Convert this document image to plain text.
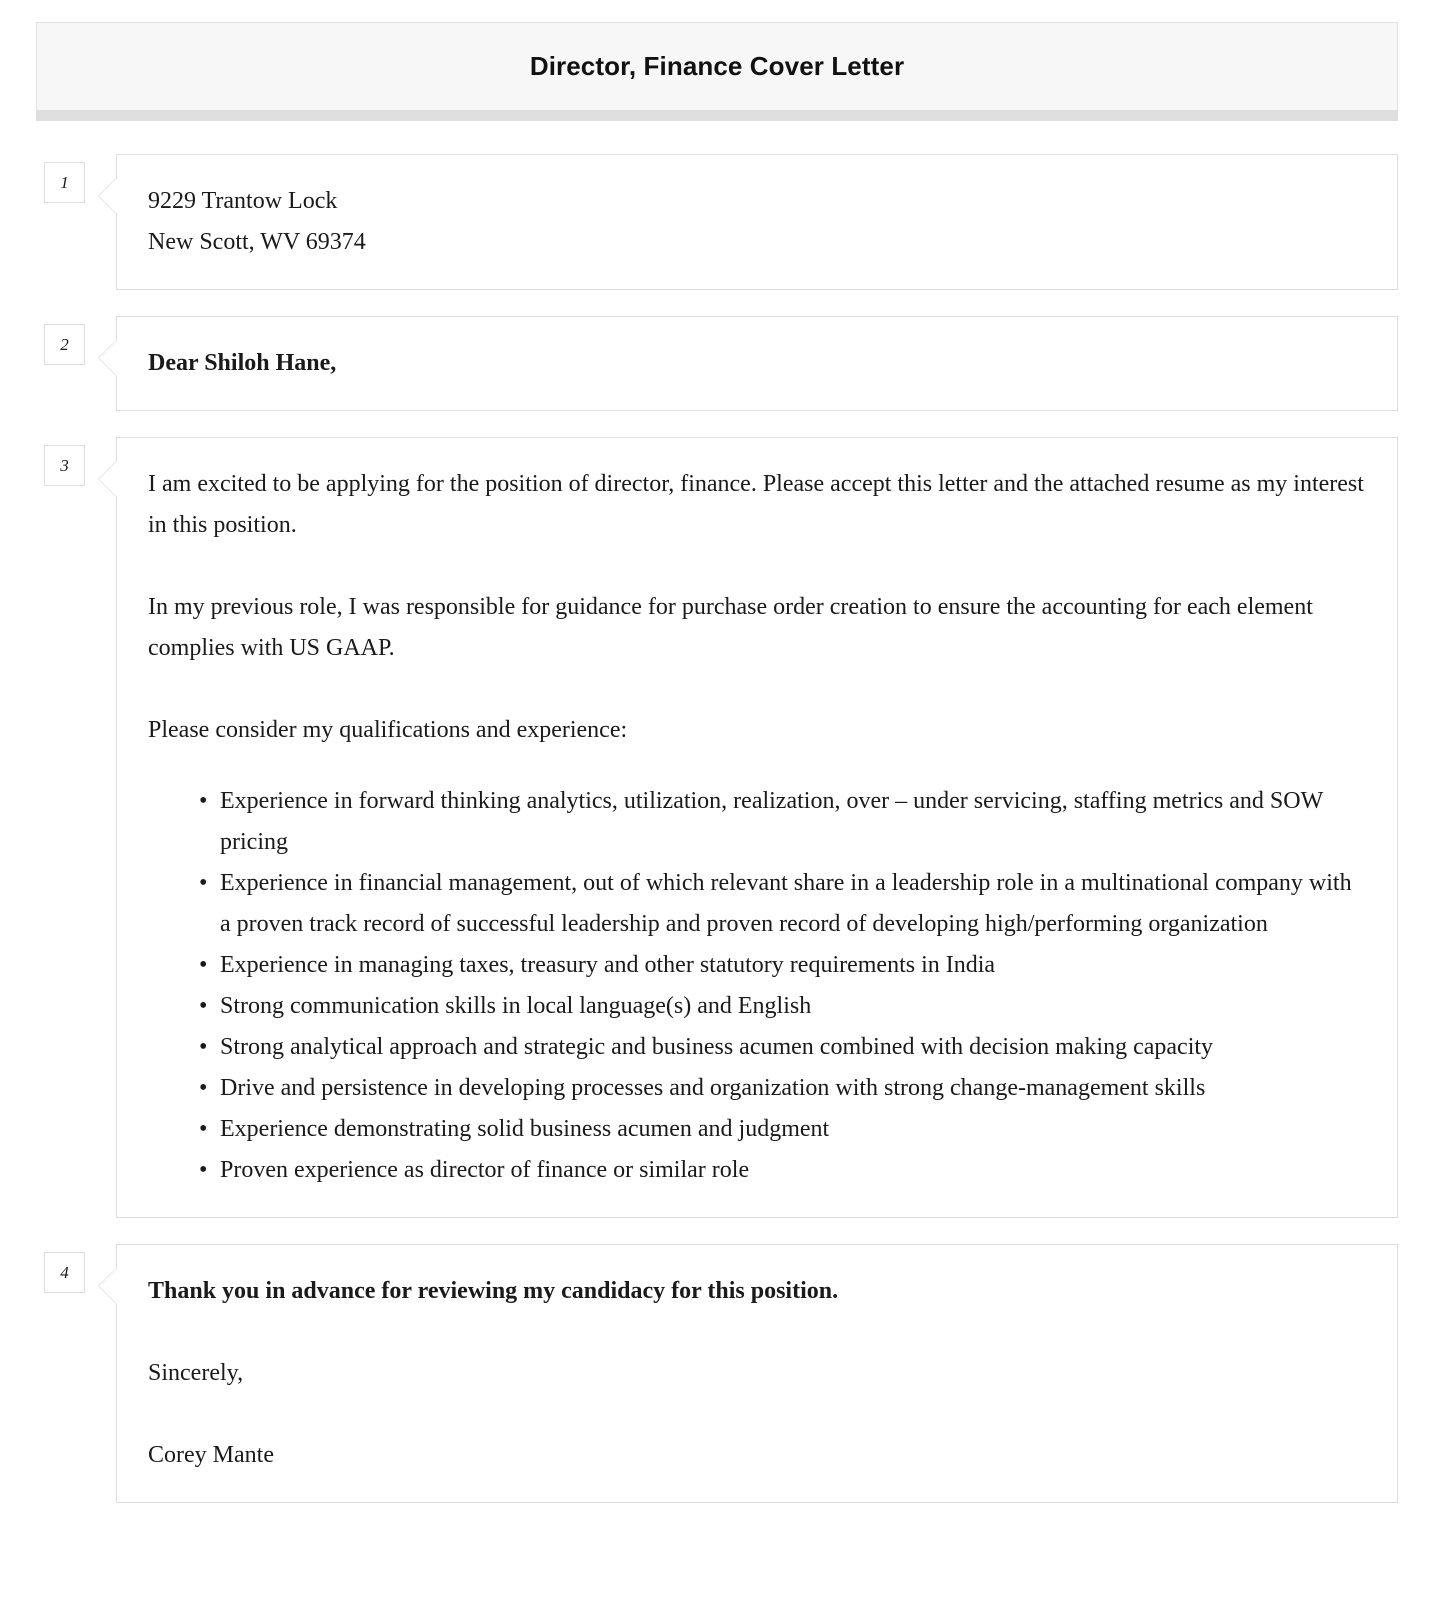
Director, Finance Cover Letter
1
9229 Trantow Lock
New Scott, WV 69374
2
Dear Shiloh Hane,
3

I am excited to be applying for the position of director, finance. Please accept this letter and the attached resume as my interest in this position.

In my previous role, I was responsible for guidance for purchase order creation to ensure the accounting for each element complies with US GAAP.

Please consider my qualifications and experience:

• Experience in forward thinking analytics, utilization, realization, over – under servicing, staffing metrics and SOW pricing
• Experience in financial management, out of which relevant share in a leadership role in a multinational company with a proven track record of successful leadership and proven record of developing high/performing organization
• Experience in managing taxes, treasury and other statutory requirements in India
• Strong communication skills in local language(s) and English
• Strong analytical approach and strategic and business acumen combined with decision making capacity
• Drive and persistence in developing processes and organization with strong change-management skills
• Experience demonstrating solid business acumen and judgment
• Proven experience as director of finance or similar role
4

Thank you in advance for reviewing my candidacy for this position.

Sincerely,

Corey Mante
